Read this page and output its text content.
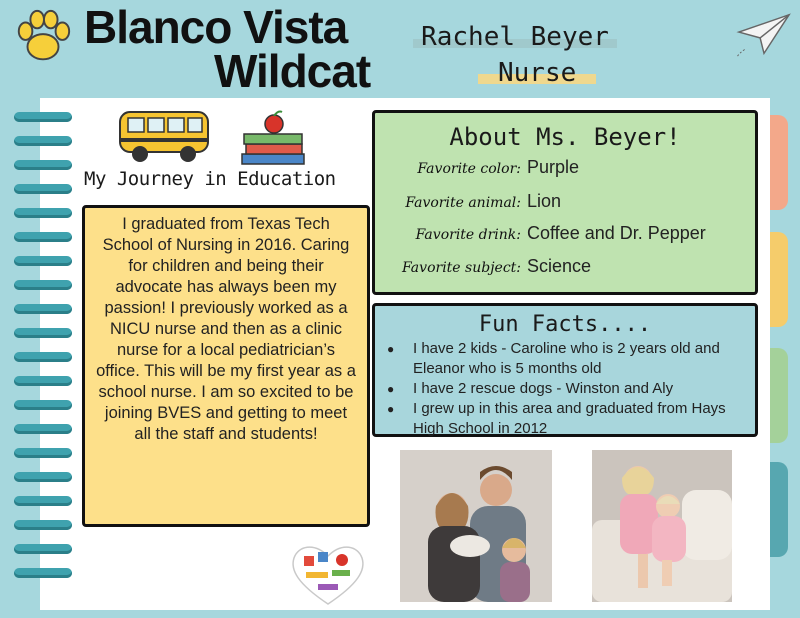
Blanco Vista
Wildcat
Rachel Beyer
Nurse
My Journey in Education
I graduated from Texas Tech School of Nursing in 2016. Caring for children and being their advocate has always been my passion! I previously worked as a NICU nurse and then as a clinic nurse for a local pediatrician’s office. This will be my first year as a school nurse. I am so excited to be joining BVES and getting to meet all the staff and students!
About Ms. Beyer!
Favorite color: Purple
Favorite animal: Lion
Favorite drink: Coffee and Dr. Pepper
Favorite subject: Science
Fun Facts....
● I have 2 kids - Caroline who is 2 years old and Eleanor who is 5 months old
● I have 2 rescue dogs - Winston and Aly
● I grew up in this area and graduated from Hays High School in 2012
